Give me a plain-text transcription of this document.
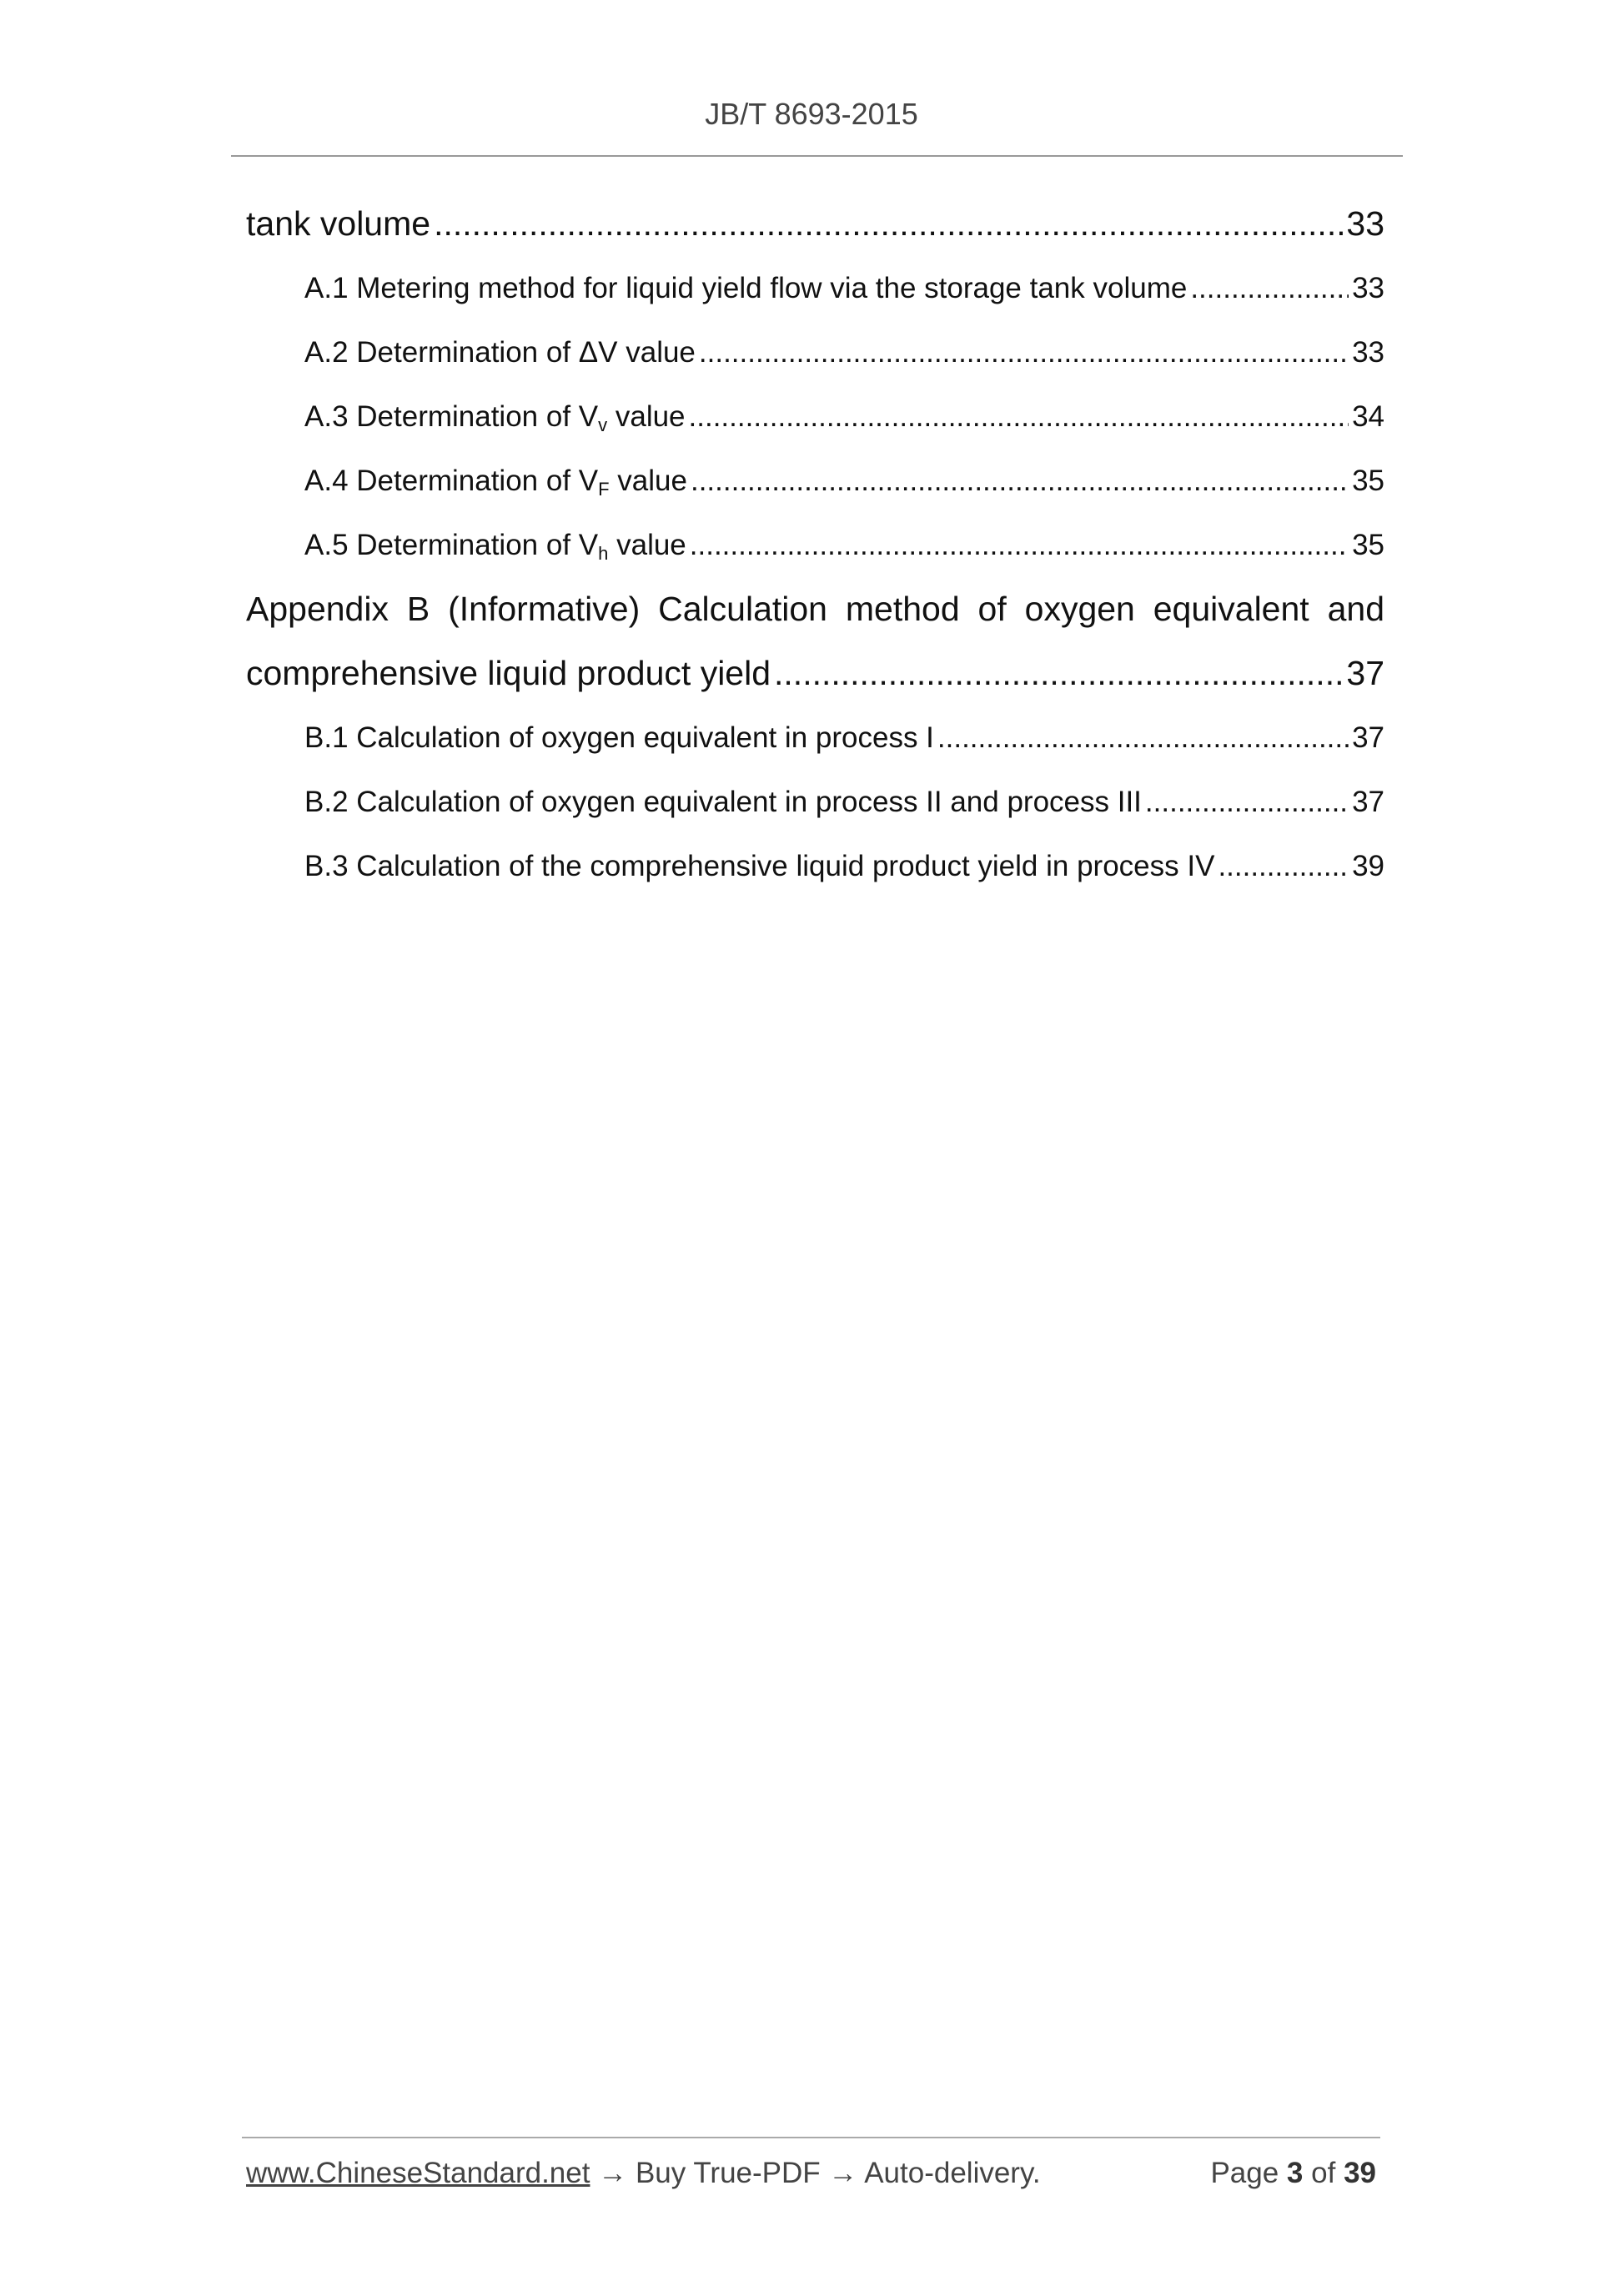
JB/T 8693-2015
tank volume .....	33
A.1 Metering method for liquid yield flow via the storage tank volume .....	33
A.2 Determination of ΔV value .....	33
A.3 Determination of $V_v$ value .....	34
A.4 Determination of $V_F$ value .....	35
A.5 Determination of $V_h$ value .....	35
Appendix B (Informative) Calculation method of oxygen equivalent and
comprehensive liquid product yield .....	37
B.1 Calculation of oxygen equivalent in process I .....	37
B.2 Calculation of oxygen equivalent in process II and process III .....	37
B.3 Calculation of the comprehensive liquid product yield in process IV .....	39
www.ChineseStandard.net → Buy True-PDF → Auto-delivery.	Page 3 of 39
